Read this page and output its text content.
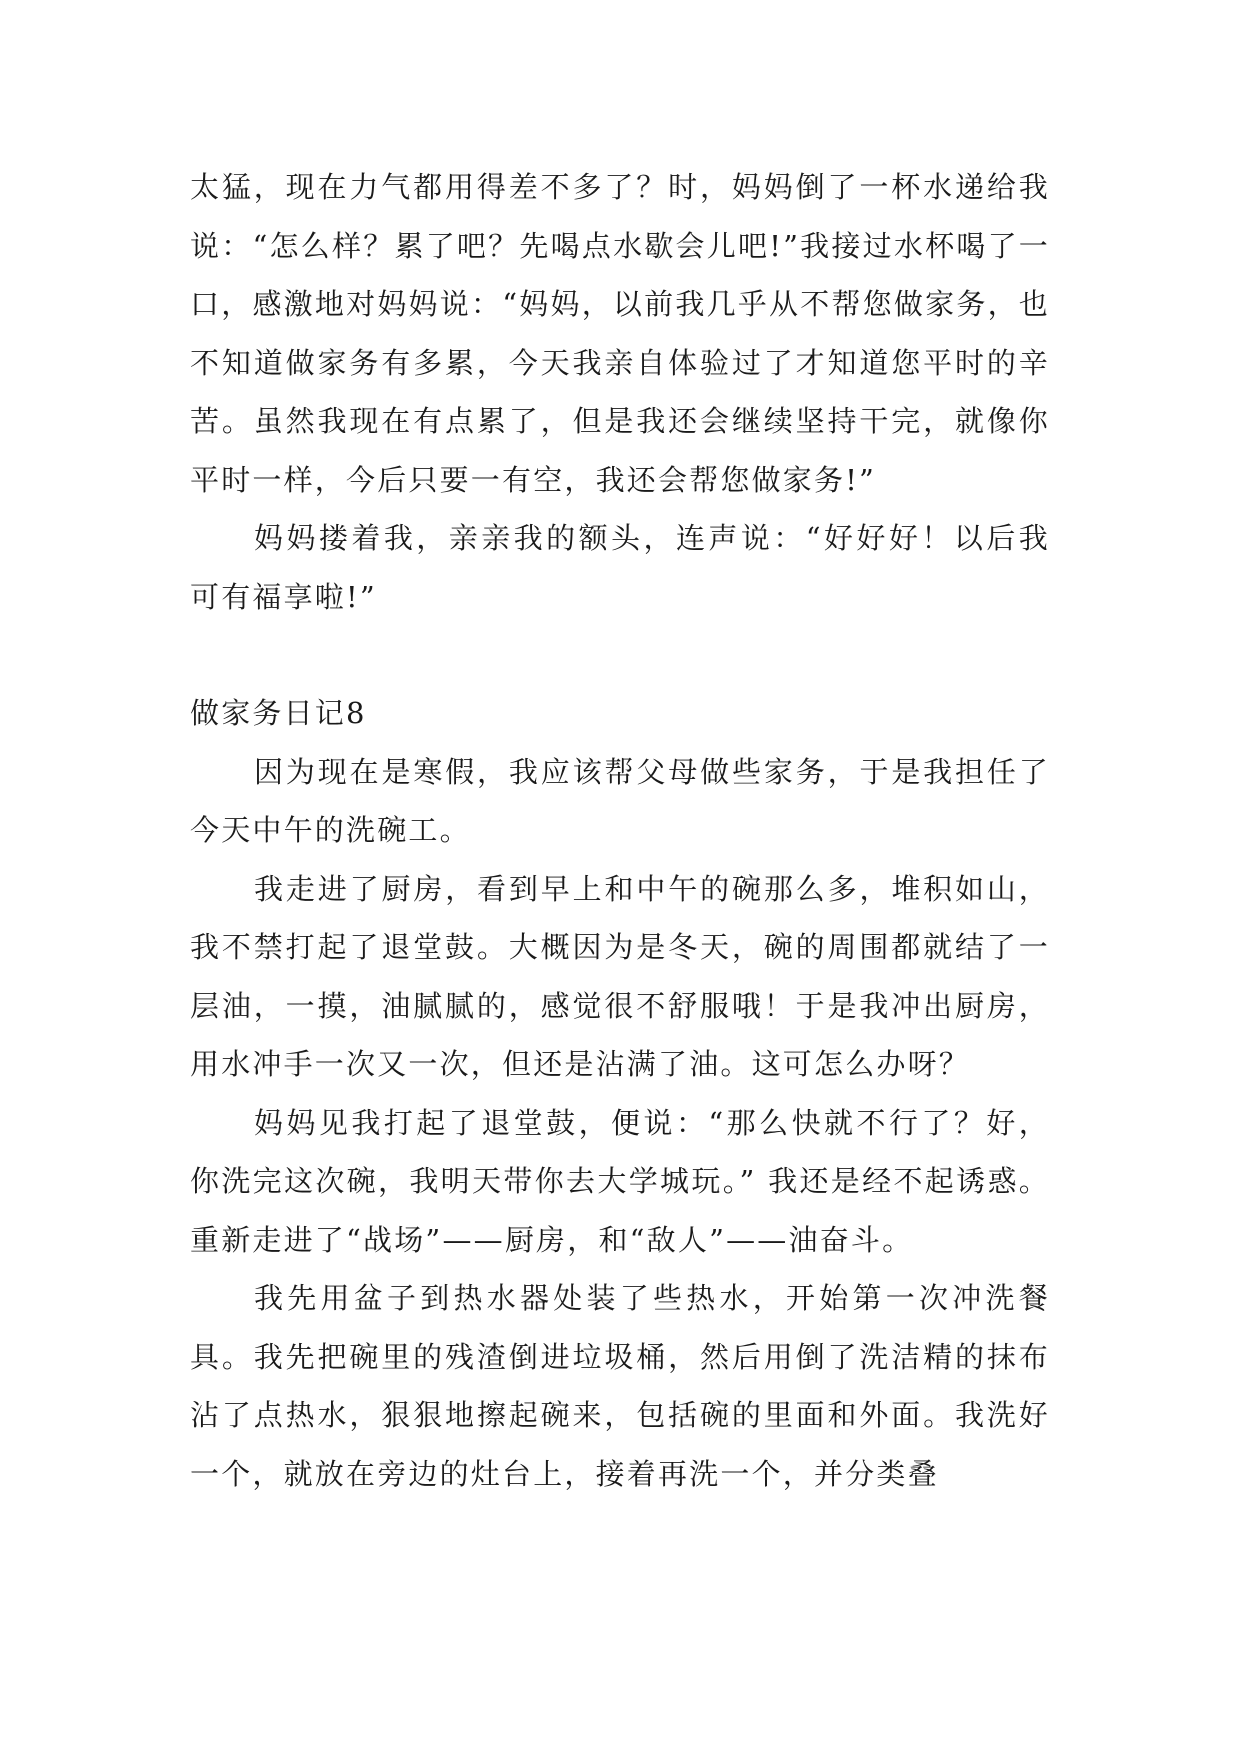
太猛，现在力气都用得差不多了？时，妈妈倒了一杯水递给我说：“怎么样？累了吧？先喝点水歇会儿吧!”我接过水杯喝了一口，感激地对妈妈说：“妈妈，以前我几乎从不帮您做家务，也不知道做家务有多累，今天我亲自体验过了才知道您平时的辛苦。虽然我现在有点累了，但是我还会继续坚持干完，就像你平时一样，今后只要一有空，我还会帮您做家务!”

妈妈搂着我，亲亲我的额头，连声说：“好好好！以后我可有福享啦!”

做家务日记8

因为现在是寒假，我应该帮父母做些家务，于是我担任了今天中午的洗碗工。

我走进了厨房，看到早上和中午的碗那么多，堆积如山，我不禁打起了退堂鼓。大概因为是冬天，碗的周围都就结了一层油，一摸，油腻腻的，感觉很不舒服哦！于是我冲出厨房，用水冲手一次又一次，但还是沾满了油。这可怎么办呀？

妈妈见我打起了退堂鼓，便说：“那么快就不行了？好，你洗完这次碗，我明天带你去大学城玩。” 我还是经不起诱惑。重新走进了“战场”——厨房，和“敌人”——油奋斗。

我先用盆子到热水器处装了些热水，开始第一次冲洗餐具。我先把碗里的残渣倒进垃圾桶，然后用倒了洗洁精的抹布沾了点热水，狠狠地擦起碗来，包括碗的里面和外面。我洗好一个，就放在旁边的灶台上，接着再洗一个，并分类叠
